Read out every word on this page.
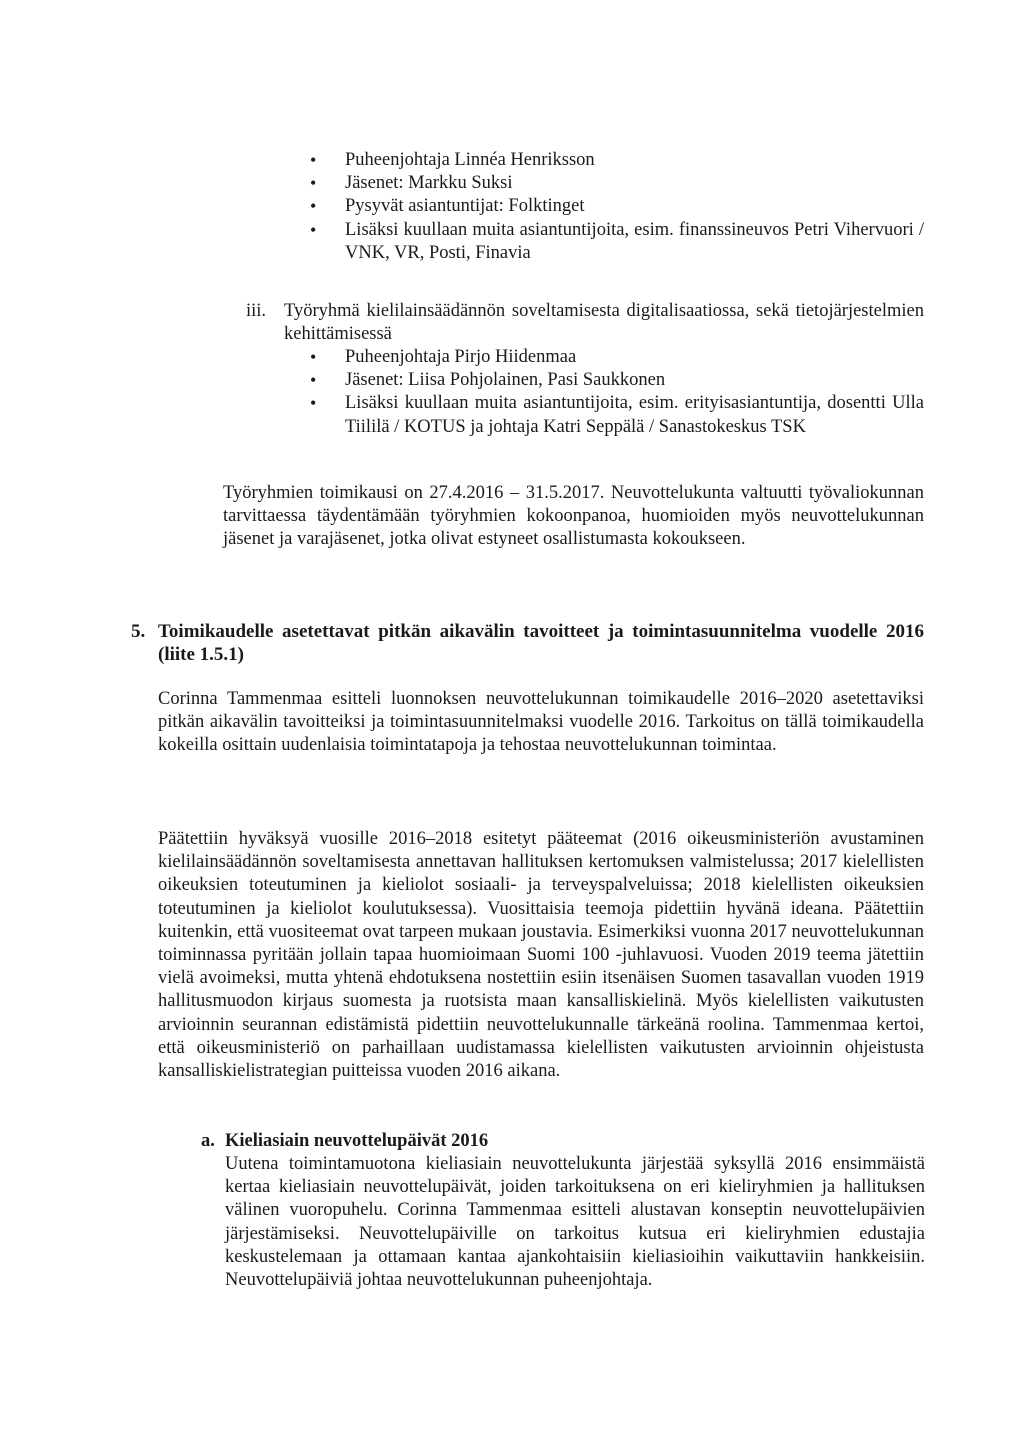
• Puheenjohtaja Linnéa Henriksson
• Jäsenet: Markku Suksi
• Pysyvät asiantuntijat: Folktinget
• Lisäksi kuullaan muita asiantuntijoita, esim. finanssineuvos Petri Vihervuori / VNK, VR, Posti, Finavia
iii. Työryhmä kielilainsäädännön soveltamisesta digitalisaatiossa, sekä tietojärjestelmien kehittämisessä

• Puheenjohtaja Pirjo Hiidenmaa
• Jäsenet: Liisa Pohjolainen, Pasi Saukkonen
• Lisäksi kuullaan muita asiantuntijoita, esim. erityisasiantuntija, dosentti Ulla Tiililä / KOTUS ja johtaja Katri Seppälä / Sanastokeskus TSK

Työryhmien toimikausi on 27.4.2016 – 31.5.2017. Neuvottelukunta valtuutti työvaliokunnan tarvittaessa täydentämään työryhmien kokoonpanoa, huomioiden myös neuvottelukunnan jäsenet ja varajäsenet, jotka olivat estyneet osallistumasta kokoukseen.

5. Toimikaudelle asetettavat pitkän aikavälin tavoitteet ja toimintasuunnitelma vuodelle 2016 (liite 1.5.1)

Corinna Tammenmaa esitteli luonnoksen neuvottelukunnan toimikaudelle 2016–2020 asetettaviksi pitkän aikavälin tavoitteiksi ja toimintasuunnitelmaksi vuodelle 2016. Tarkoitus on tällä toimikaudella kokeilla osittain uudenlaisia toimintatapoja ja tehostaa neuvottelukunnan toimintaa.

Päätettiin hyväksyä vuosille 2016–2018 esitetyt pääteemat (2016 oikeusministeriön avustaminen kielilainsäädännön soveltamisesta annettavan hallituksen kertomuksen valmistelussa; 2017 kielellisten oikeuksien toteutuminen ja kieliolot sosiaali- ja terveyspalveluissa; 2018 kielellisten oikeuksien toteutuminen ja kieliolot koulutuksessa). Vuosittaisia teemoja pidettiin hyvänä ideana. Päätettiin kuitenkin, että vuositeemat ovat tarpeen mukaan joustavia. Esimerkiksi vuonna 2017 neuvottelukunnan toiminnassa pyritään jollain tapaa huomioimaan Suomi 100 -juhlavuosi. Vuoden 2019 teema jätettiin vielä avoimeksi, mutta yhtenä ehdotuksena nostettiin esiin itsenäisen Suomen tasavallan vuoden 1919 hallitusmuodon kirjaus suomesta ja ruotsista maan kansalliskielinä. Myös kielellisten vaikutusten arvioinnin seurannan edistämistä pidettiin neuvottelukunnalle tärkeänä roolina. Tammenmaa kertoi, että oikeusministeriö on parhaillaan uudistamassa kielellisten vaikutusten arvioinnin ohjeistusta kansalliskielistrategian puitteissa vuoden 2016 aikana.

a. Kieliasiain neuvottelupäivät 2016

Uutena toimintamuotona kieliasiain neuvottelukunta järjestää syksyllä 2016 ensimmäistä kertaa kieliasiain neuvottelupäivät, joiden tarkoituksena on eri kieliryhmien ja hallituksen välinen vuoropuhelu. Corinna Tammenmaa esitteli alustavan konseptin neuvottelupäivien järjestämiseksi. Neuvottelupäiville on tarkoitus kutsua eri kieliryhmien edustajia keskustelemaan ja ottamaan kantaa ajankohtaisiin kieliasioihin vaikuttaviin hankkeisiin. Neuvottelupäiviä johtaa neuvottelukunnan puheenjohtaja.
